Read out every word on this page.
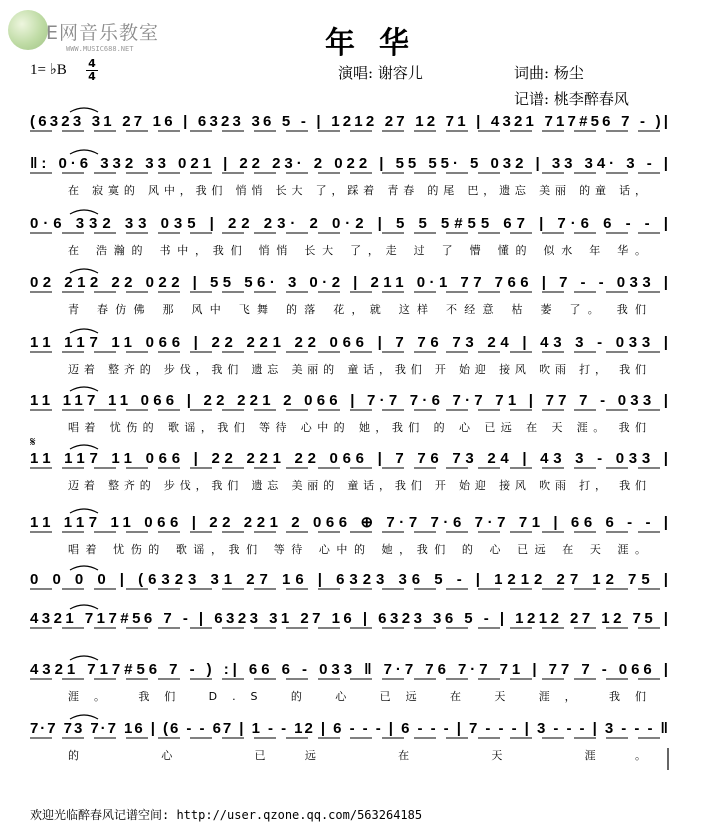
E网音乐教室
WWW.MUSIC688.NET	年华
1= ♭B 4
4	演唱: 谢容儿	词曲: 杨尘
记谱: 桃李醉春风
(6323 31 27 16 | 6323 36 5 - | 1212 27 12 71 | 4321 717#56 7 - )|
‖: 0·6 332 33 021 | 22 23· 2 022 | 55 55· 5 032 | 33 34· 3 - |
在 寂寞的 风中，我们 悄悄 长大 了，踩着 青春 的尾 巴，遗忘 美丽 的童 话，
0·6 332 33 035 | 22 23· 2 0·2 | 5 5 5#55 67 | 7·6 6 - - |
在 浩瀚的 书中，我们 悄悄 长大 了，走 过 了 懵 懂的 似水 年 华。
02 212 22 022 | 55 56· 3 0·2 | 211 0·1 77 766 | 7 - - 033 |
青 春仿佛 那 风中 飞舞 的落 花，就 这样 不经意 枯 萎 了。 我们
11 117 11 066 | 22 221 22 066 | 7 76 73 24 | 43 3 - 033 |
迈着 整齐的 步伐，我们 遗忘 美丽的 童话，我们 开 始迎 接风 吹雨 打， 我们
11 117 11 066 | 22 221 2 066 | 7·7 7·6 7·7 71 | 77 7 - 033 |
唱着 忧伤的 歌谣，我们 等待 心中的 她，我们 的 心 已远 在 天 涯。 我们
11 117 11 066 | 22 221 22 066 | 7 76 73 24 | 43 3 - 033 |
迈着 整齐的 步伐，我们 遗忘 美丽的 童话，我们 开 始迎 接风 吹雨 打， 我们
11 117 11 066 | 22 221 2 066 ⊕ 7·7 7·6 7·7 71 | 66 6 - - |
唱着 忧伤的 歌谣，我们 等待 心中的 她，我们 的 心 已远 在 天 涯。
0 0 0 0 | (6323 31 27 16 | 6323 36 5 - | 1212 27 12 75 |
4321 717#56 7 - | 6323 31 27 16 | 6323 36 5 - | 1212 27 12 75 |
4321 717#56 7 - ) :| 66 6 - 033 ‖ 7·7 76 7·7 71 | 77 7 - 066 |
涯。 我们 D.S 的 心 已远 在 天 涯， 我们
7·7 73 7·7 16 | (6 - - 67 | 1 - - 12 | 6 - - - | 6 - - - | 7 - - - | 3 - - - | 3 - - - ‖
的 心 已远 在 天 涯。
𝄋
欢迎光临醉春风记谱空间: http://user.qzone.qq.com/563264185
